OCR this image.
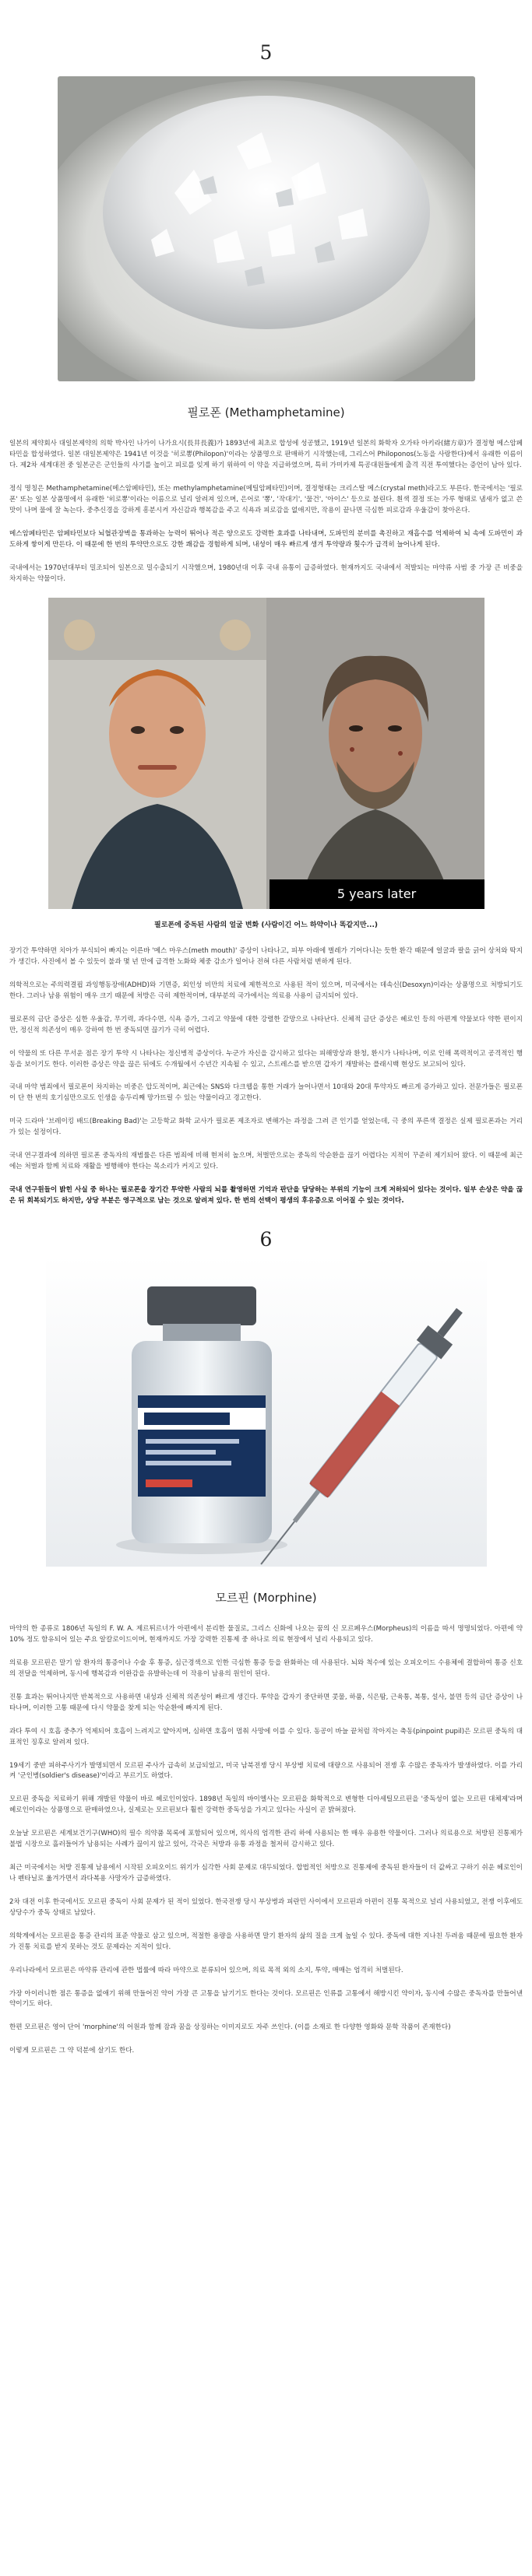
5
필로폰 (Methamphetamine)

일본의 제약회사 대일본제약의 의학 박사인 나가이 나가요시(長井長義)가 1893년에 최초로 합성에 성공했고, 1919년 일본의 화학자 오가타 아키라(緒方章)가 결정형 메스암페타민을 합성하였다. 일본 대일본제약은 1941년 이것을 '히로뽕(Philopon)'이라는 상품명으로 판매하기 시작했는데, 그리스어 Philoponos(노동을 사랑한다)에서 유래한 이름이다. 제2차 세계대전 중 일본군은 군인들의 사기를 높이고 피로를 잊게 하기 위하여 이 약을 지급하였으며, 특히 가미카제 특공대원들에게 출격 직전 투여했다는 증언이 남아 있다.

정식 명칭은 Methamphetamine(메스암페타민), 또는 methylamphetamine(메틸암페타민)이며, 결정형태는 크리스탈 메스(crystal meth)라고도 부른다. 한국에서는 '필로폰' 또는 일본 상품명에서 유래한 '히로뽕'이라는 이름으로 널리 알려져 있으며, 은어로 '뽕', '작대기', '물건', '아이스' 등으로 불린다. 흰색 결정 또는 가루 형태로 냄새가 없고 쓴맛이 나며 물에 잘 녹는다. 중추신경을 강하게 흥분시켜 자신감과 행복감을 주고 식욕과 피로감을 없애지만, 작용이 끝나면 극심한 피로감과 우울감이 찾아온다.

메스암페타민은 암페타민보다 뇌혈관장벽을 통과하는 능력이 뛰어나 적은 양으로도 강력한 효과를 나타내며, 도파민의 분비를 촉진하고 재흡수를 억제하여 뇌 속에 도파민이 과도하게 쌓이게 만든다. 이 때문에 한 번의 투약만으로도 강한 쾌감을 경험하게 되며, 내성이 매우 빠르게 생겨 투약량과 횟수가 급격히 늘어나게 된다.

국내에서는 1970년대부터 밀조되어 일본으로 밀수출되기 시작했으며, 1980년대 이후 국내 유통이 급증하였다. 현재까지도 국내에서 적발되는 마약류 사범 중 가장 큰 비중을 차지하는 약물이다.

5 years later
필로폰에 중독된 사람의 얼굴 변화 (사람이긴 어느 하약이나 똑같지만...)

장기간 투약하면 치아가 부식되어 빠지는 이른바 '메스 마우스(meth mouth)' 증상이 나타나고, 피부 아래에 벌레가 기어다니는 듯한 환각 때문에 얼굴과 팔을 긁어 상처와 딱지가 생긴다. 사진에서 볼 수 있듯이 불과 몇 년 만에 급격한 노화와 체중 감소가 일어나 전혀 다른 사람처럼 변하게 된다.

의학적으로는 주의력결핍 과잉행동장애(ADHD)와 기면증, 외인성 비만의 치료에 제한적으로 사용된 적이 있으며, 미국에서는 데속신(Desoxyn)이라는 상품명으로 처방되기도 한다. 그러나 남용 위험이 매우 크기 때문에 처방은 극히 제한적이며, 대부분의 국가에서는 의료용 사용이 금지되어 있다.

필로폰의 금단 증상은 심한 우울감, 무기력, 과다수면, 식욕 증가, 그리고 약물에 대한 강렬한 갈망으로 나타난다. 신체적 금단 증상은 헤로인 등의 아편계 약물보다 약한 편이지만, 정신적 의존성이 매우 강하여 한 번 중독되면 끊기가 극히 어렵다.

이 약물의 또 다른 무서운 점은 장기 투약 시 나타나는 정신병적 증상이다. 누군가 자신을 감시하고 있다는 피해망상과 환청, 환시가 나타나며, 이로 인해 폭력적이고 공격적인 행동을 보이기도 한다. 이러한 증상은 약을 끊은 뒤에도 수개월에서 수년간 지속될 수 있고, 스트레스를 받으면 갑자기 재발하는 플래시백 현상도 보고되어 있다.

국내 마약 범죄에서 필로폰이 차지하는 비중은 압도적이며, 최근에는 SNS와 다크웹을 통한 거래가 늘어나면서 10대와 20대 투약자도 빠르게 증가하고 있다. 전문가들은 필로폰이 단 한 번의 호기심만으로도 인생을 송두리째 망가뜨릴 수 있는 약물이라고 경고한다.

미국 드라마 '브레이킹 배드(Breaking Bad)'는 고등학교 화학 교사가 필로폰 제조자로 변해가는 과정을 그려 큰 인기를 얻었는데, 극 중의 푸른색 결정은 실제 필로폰과는 거리가 있는 설정이다.

국내 연구결과에 의하면 필로폰 중독자의 재범률은 다른 범죄에 비해 현저히 높으며, 처벌만으로는 중독의 악순환을 끊기 어렵다는 지적이 꾸준히 제기되어 왔다. 이 때문에 최근에는 처벌과 함께 치료와 재활을 병행해야 한다는 목소리가 커지고 있다.

국내 연구원들이 밝힌 사실 중 하나는 필로폰을 장기간 투약한 사람의 뇌를 촬영하면 기억과 판단을 담당하는 부위의 기능이 크게 저하되어 있다는 것이다. 일부 손상은 약을 끊은 뒤 회복되기도 하지만, 상당 부분은 영구적으로 남는 것으로 알려져 있다. 한 번의 선택이 평생의 후유증으로 이어질 수 있는 것이다.

6
모르핀 (Morphine)

마약의 한 종류로 1806년 독일의 F. W. A. 제르튀르너가 아편에서 분리한 물질로, 그리스 신화에 나오는 꿈의 신 모르페우스(Morpheus)의 이름을 따서 명명되었다. 아편에 약 10% 정도 함유되어 있는 주요 알칼로이드이며, 현재까지도 가장 강력한 진통제 중 하나로 의료 현장에서 널리 사용되고 있다.

의료용 모르핀은 말기 암 환자의 통증이나 수술 후 통증, 심근경색으로 인한 극심한 통증 등을 완화하는 데 사용된다. 뇌와 척수에 있는 오피오이드 수용체에 결합하여 통증 신호의 전달을 억제하며, 동시에 행복감과 이완감을 유발하는데 이 작용이 남용의 원인이 된다.

진통 효과는 뛰어나지만 반복적으로 사용하면 내성과 신체적 의존성이 빠르게 생긴다. 투약을 갑자기 중단하면 콧물, 하품, 식은땀, 근육통, 복통, 설사, 불면 등의 금단 증상이 나타나며, 이러한 고통 때문에 다시 약물을 찾게 되는 악순환에 빠지게 된다.

과다 투여 시 호흡 중추가 억제되어 호흡이 느려지고 얕아지며, 심하면 호흡이 멈춰 사망에 이를 수 있다. 동공이 바늘 끝처럼 작아지는 축동(pinpoint pupil)은 모르핀 중독의 대표적인 징후로 알려져 있다.

19세기 중반 피하주사기가 발명되면서 모르핀 주사가 급속히 보급되었고, 미국 남북전쟁 당시 부상병 치료에 대량으로 사용되어 전쟁 후 수많은 중독자가 발생하였다. 이를 가리켜 '군인병(soldier's disease)'이라고 부르기도 하였다.

모르핀 중독을 치료하기 위해 개발된 약물이 바로 헤로인이었다. 1898년 독일의 바이엘사는 모르핀을 화학적으로 변형한 디아세틸모르핀을 '중독성이 없는 모르핀 대체제'라며 헤로인이라는 상품명으로 판매하였으나, 실제로는 모르핀보다 훨씬 강력한 중독성을 가지고 있다는 사실이 곧 밝혀졌다.

오늘날 모르핀은 세계보건기구(WHO)의 필수 의약품 목록에 포함되어 있으며, 의사의 엄격한 관리 하에 사용되는 한 매우 유용한 약물이다. 그러나 의료용으로 처방된 진통제가 불법 시장으로 흘러들어가 남용되는 사례가 끊이지 않고 있어, 각국은 처방과 유통 과정을 철저히 감시하고 있다.

최근 미국에서는 처방 진통제 남용에서 시작된 오피오이드 위기가 심각한 사회 문제로 대두되었다. 합법적인 처방으로 진통제에 중독된 환자들이 더 값싸고 구하기 쉬운 헤로인이나 펜타닐로 옮겨가면서 과다복용 사망자가 급증하였다.

2차 대전 이후 한국에서도 모르핀 중독이 사회 문제가 된 적이 있었다. 한국전쟁 당시 부상병과 피란민 사이에서 모르핀과 아편이 진통 목적으로 널리 사용되었고, 전쟁 이후에도 상당수가 중독 상태로 남았다.

의학계에서는 모르핀을 통증 관리의 표준 약물로 삼고 있으며, 적절한 용량을 사용하면 말기 환자의 삶의 질을 크게 높일 수 있다. 중독에 대한 지나친 두려움 때문에 필요한 환자가 진통 치료를 받지 못하는 것도 문제라는 지적이 있다.

우리나라에서 모르핀은 마약류 관리에 관한 법률에 따라 마약으로 분류되어 있으며, 의료 목적 외의 소지, 투약, 매매는 엄격히 처벌된다.

가장 아이러니한 점은 통증을 없애기 위해 만들어진 약이 가장 큰 고통을 남기기도 한다는 것이다. 모르핀은 인류를 고통에서 해방시킨 약이자, 동시에 수많은 중독자를 만들어낸 약이기도 하다.

한편 모르핀은 영어 단어 'morphine'의 어원과 함께 잠과 꿈을 상징하는 이미지로도 자주 쓰인다. (이를 소재로 한 다양한 영화와 문학 작품이 존재한다)

이렇게 모르핀은 그 약 덕분에 살기도 한다.
